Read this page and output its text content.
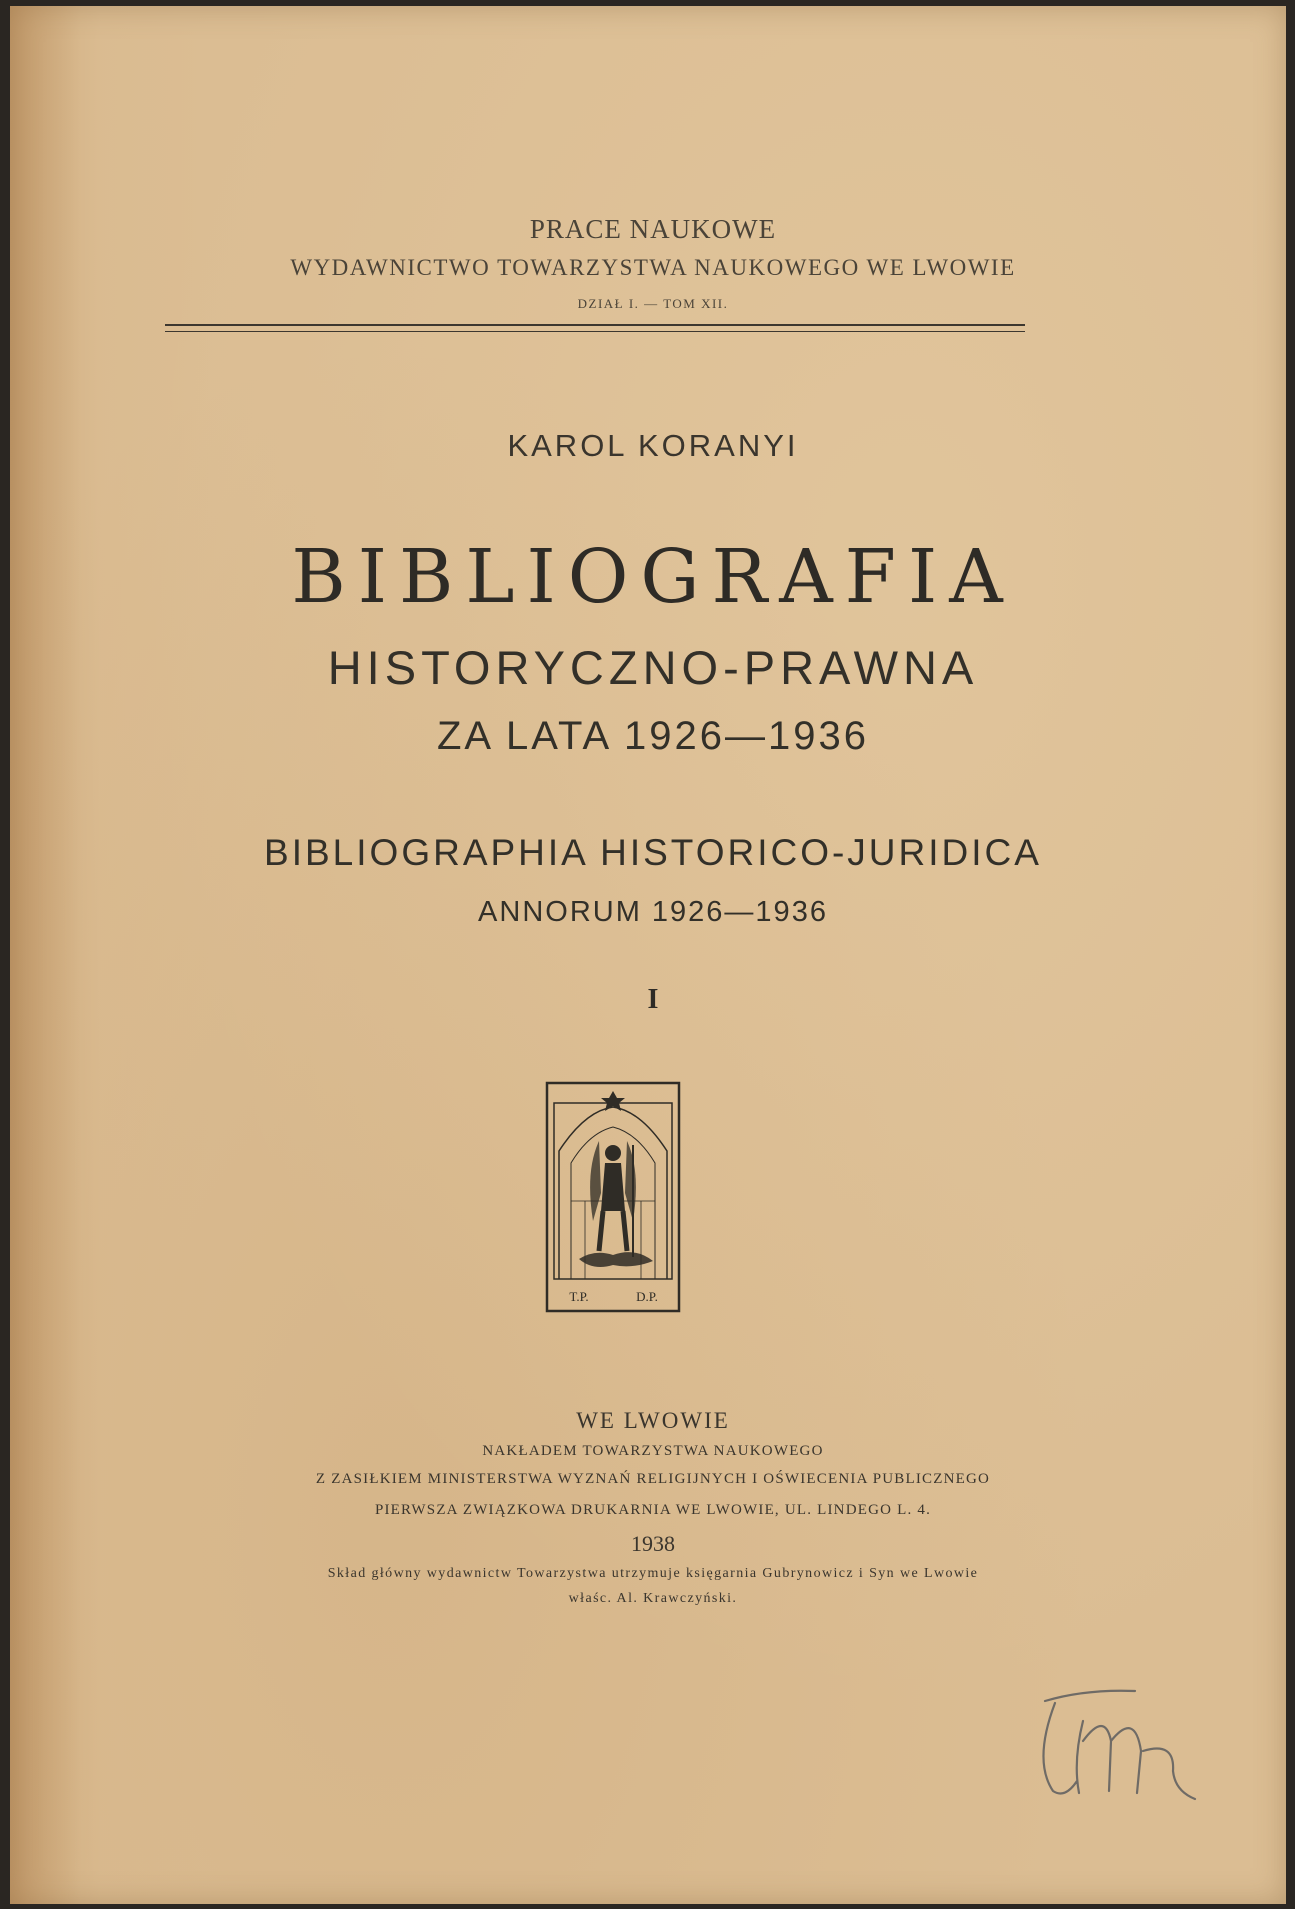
PRACE NAUKOWE
WYDAWNICTWO TOWARZYSTWA NAUKOWEGO WE LWOWIE
DZIAŁ I. — TOM XII.
KAROL KORANYI
BIBLIOGRAFIA
HISTORYCZNO-PRAWNA
ZA LATA 1926—1936
BIBLIOGRAPHIA HISTORICO-JURIDICA
ANNORUM 1926—1936
I
T.P.	D.P.
WE LWOWIE
NAKŁADEM TOWARZYSTWA NAUKOWEGO
Z ZASIŁKIEM MINISTERSTWA WYZNAŃ RELIGIJNYCH I OŚWIECENIA PUBLICZNEGO
PIERWSZA ZWIĄZKOWA DRUKARNIA WE LWOWIE, UL. LINDEGO L. 4.
1938
Skład główny wydawnictw Towarzystwa utrzymuje księgarnia Gubrynowicz i Syn we Lwowie
właśc. Al. Krawczyński.
